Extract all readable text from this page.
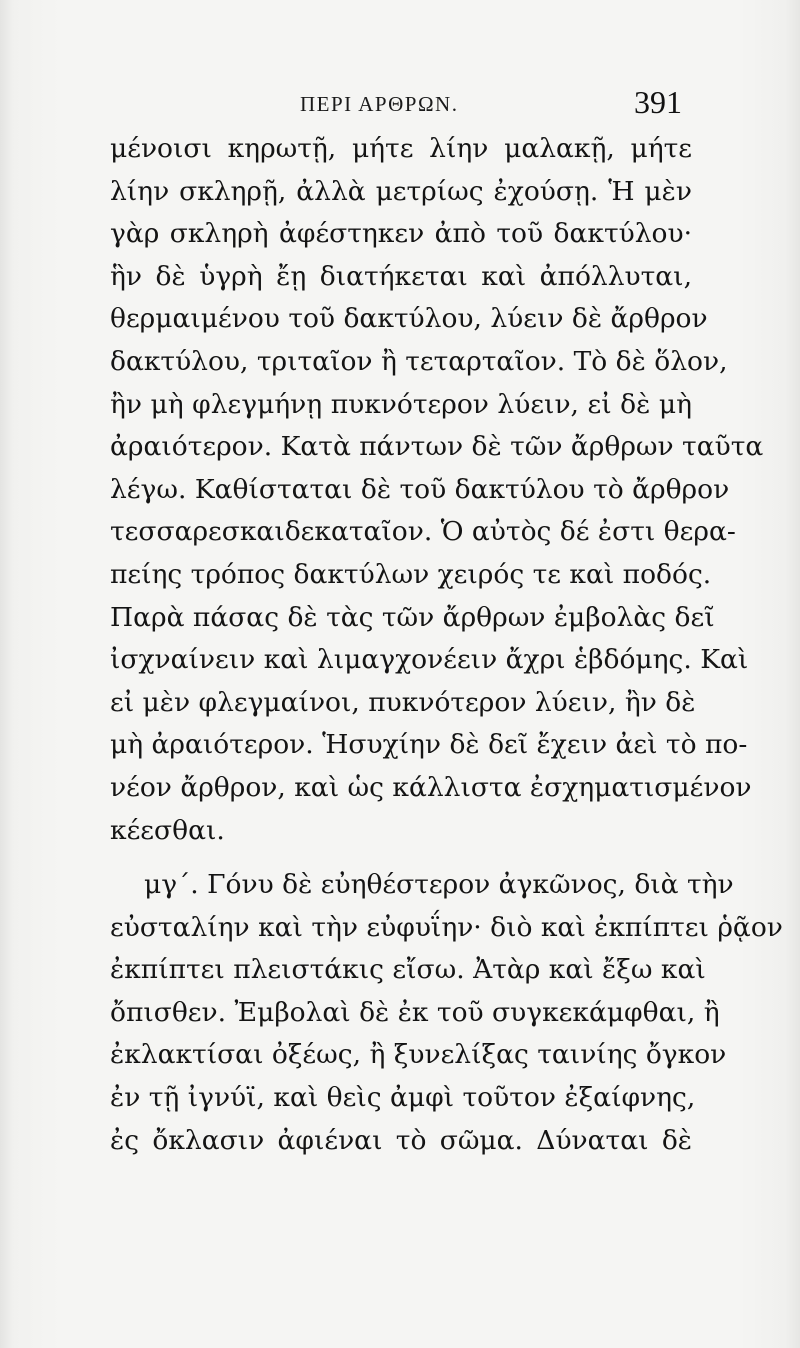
ΠΕΡΙ ΑΡΘΡΩΝ.	391
μένοισι κηρωτῇ, μήτε λίην μαλακῇ, μήτε
λίην σκληρῇ, ἀλλὰ μετρίως ἐχούσῃ. Ἡ μὲν
γὰρ σκληρὴ ἀφέστηκεν ἀπὸ τοῦ δακτύλου·
ἣν δὲ ὑγρὴ ἔῃ διατήκεται καὶ ἀπόλλυται,
θερμαιμένου τοῦ δακτύλου, λύειν δὲ ἄρθρον
δακτύλου, τριταῖον ἢ τεταρταῖον. Τὸ δὲ ὅλον,
ἢν μὴ φλεγμήνῃ πυκνότερον λύειν, εἰ δὲ μὴ
ἀραιότερον. Κατὰ πάντων δὲ τῶν ἄρθρων ταῦτα
λέγω. Καθίσταται δὲ τοῦ δακτύλου τὸ ἄρθρον
τεσσαρεσκαιδεκαταῖον. Ὁ αὐτὸς δέ ἐστι θερα-
πείης τρόπος δακτύλων χειρός τε καὶ ποδός.
Παρὰ πάσας δὲ τὰς τῶν ἄρθρων ἐμβολὰς δεῖ
ἰσχναίνειν καὶ λιμαγχονέειν ἄχρι ἑβδόμης. Καὶ
εἰ μὲν φλεγμαίνοι, πυκνότερον λύειν, ἢν δὲ
μὴ ἀραιότερον. Ἡσυχίην δὲ δεῖ ἔχειν ἀεὶ τὸ πο-
νέον ἄρθρον, καὶ ὡς κάλλιστα ἐσχηματισμένον
κέεσθαι.
μγ΄. Γόνυ δὲ εὐηθέστερον ἀγκῶνος, διὰ τὴν
εὐσταλίην καὶ τὴν εὐφυΐην· διὸ καὶ ἐκπίπτει ῥᾷον
ἐκπίπτει πλειστάκις εἴσω. Ἀτὰρ καὶ ἔξω καὶ
ὄπισθεν. Ἐμβολαὶ δὲ ἐκ τοῦ συγκεκάμφθαι, ἢ
ἐκλακτίσαι ὀξέως, ἢ ξυνελίξας ταινίης ὄγκον
ἐν τῇ ἰγνύϊ, καὶ θεὶς ἀμφὶ τοῦτον ἐξαίφνης,
ἐς ὄκλασιν ἀφιέναι τὸ σῶμα. Δύναται δὲ
